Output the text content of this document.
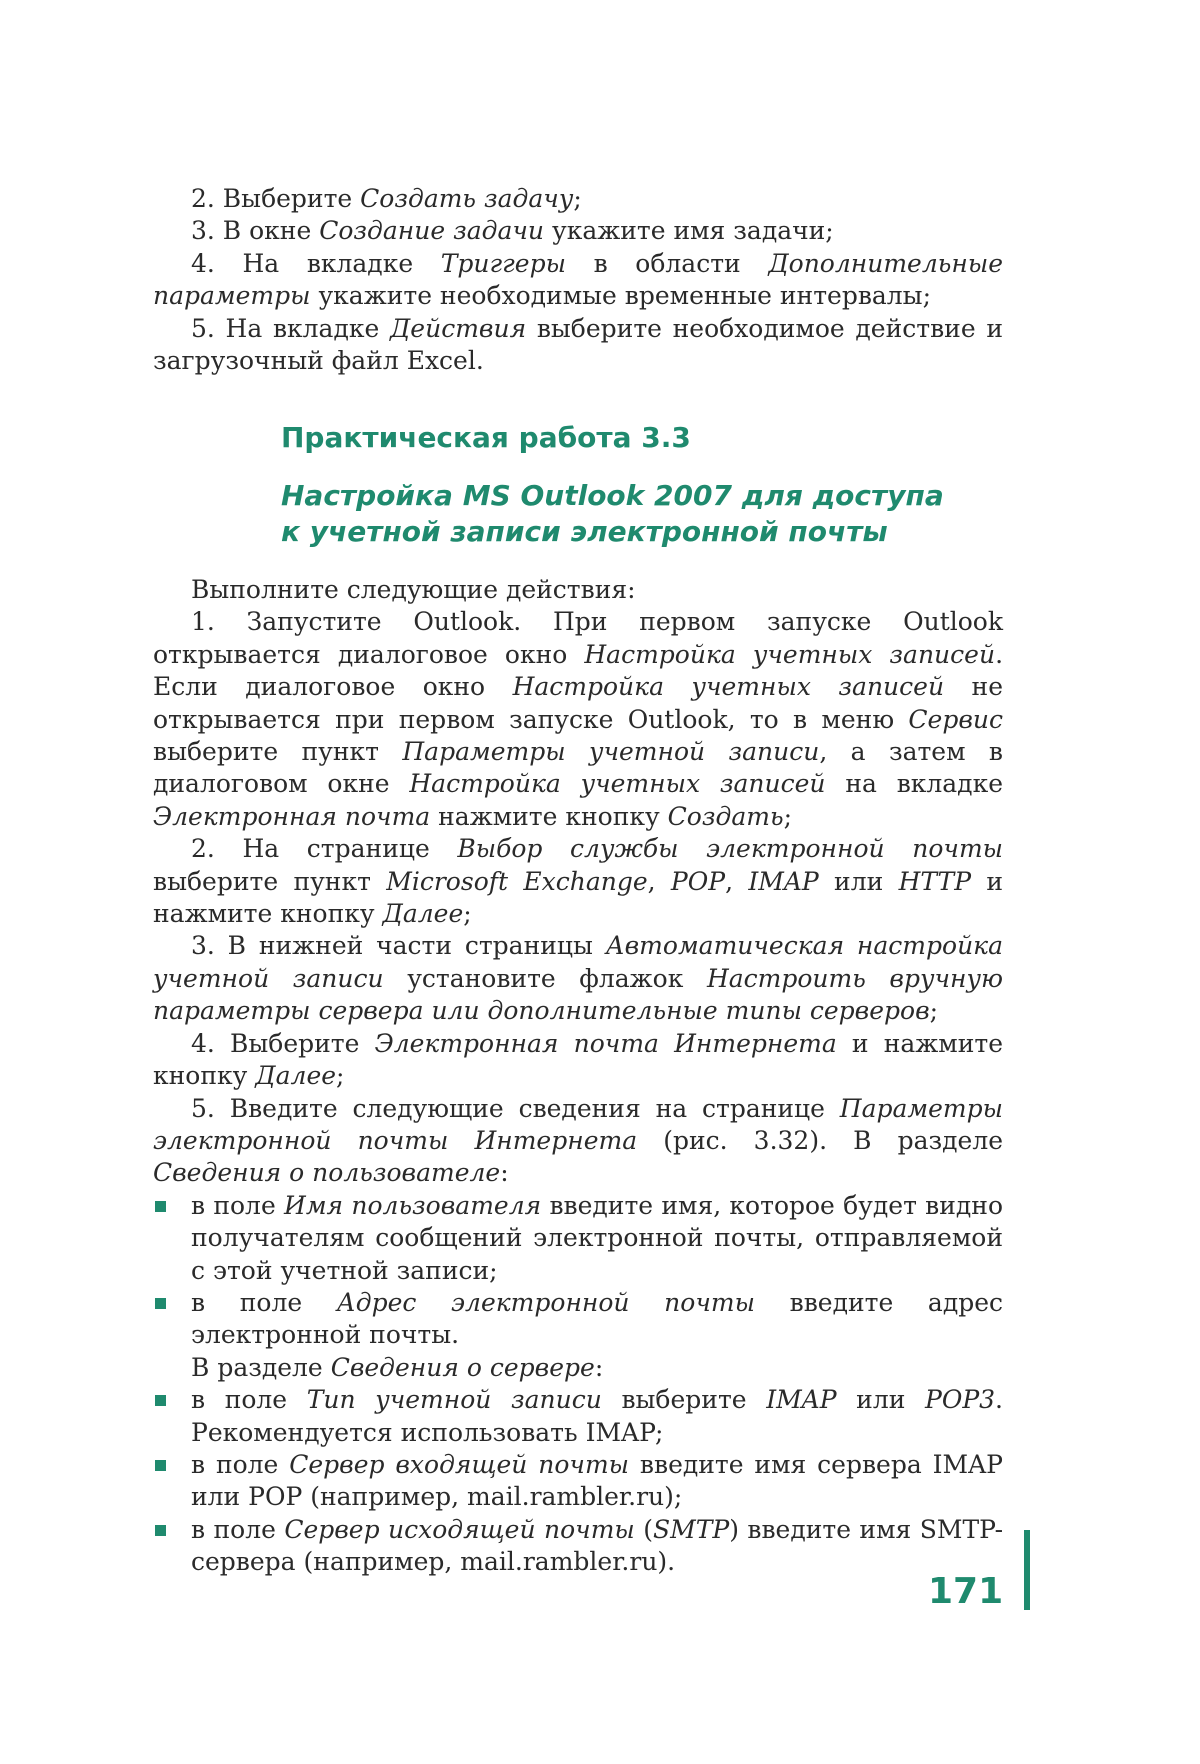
2. Выберите Создать задачу;

3. В окне Создание задачи укажите имя задачи;

4. На вкладке Триггеры в области Дополнительные параметры укажите необходимые временные интервалы;

5. На вкладке Действия выберите необходимое действие и загрузочный файл Excel.

Практическая работа 3.3
Настройка MS Outlook 2007 для доступа
к учетной записи электронной почты

Выполните следующие действия:

1. Запустите Outlook. При первом запуске Outlook открывается диалоговое окно Настройка учетных записей. Если диалоговое окно Настройка учетных записей не открывается при первом запуске Outlook, то в меню Сервис выберите пункт Параметры учетной записи, а затем в диалоговом окне Настройка учетных записей на вкладке Электронная почта нажмите кнопку Создать;

2. На странице Выбор службы электронной почты выберите пункт Microsoft Exchange, POP, IMAP или HTTP и нажмите кнопку Далее;

3. В нижней части страницы Автоматическая настройка учетной записи установите флажок Настроить вручную параметры сервера или дополнительные типы серверов;

4. Выберите Электронная почта Интернета и нажмите кнопку Далее;

5. Введите следующие сведения на странице Параметры электронной почты Интернета (рис. 3.32). В разделе Сведения о пользователе:

в поле Имя пользователя введите имя, которое будет видно получателям сообщений электронной почты, отправляемой с этой учетной записи;

в поле Адрес электронной почты введите адрес электронной почты.

В разделе Сведения о сервере:

в поле Тип учетной записи выберите IMAP или POP3. Рекомендуется использовать IMAP;

в поле Сервер входящей почты введите имя сервера IMAP или POP (например, mail.rambler.ru);

в поле Сервер исходящей почты (SMTP) введите имя SMTP-сервера (например, mail.rambler.ru).

171
